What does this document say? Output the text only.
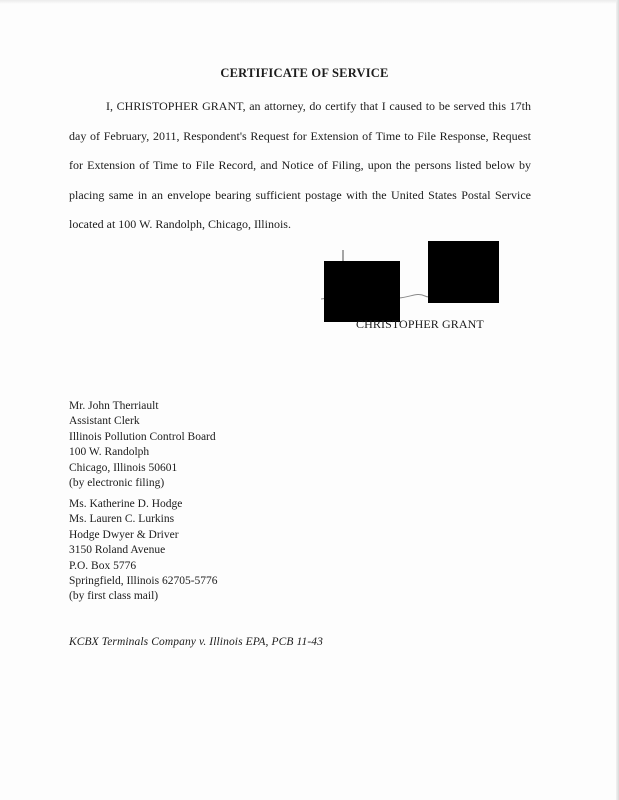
CERTIFICATE OF SERVICE

I, CHRISTOPHER GRANT, an attorney, do certify that I caused to be served this 17th day of February, 2011, Respondent's Request for Extension of Time to File Response, Request for Extension of Time to File Record, and Notice of Filing, upon the persons listed below by placing same in an envelope bearing sufficient postage with the United States Postal Service located at 100 W. Randolph, Chicago, Illinois.

CHRISTOPHER GRANT
Mr. John Therriault
Assistant Clerk
Illinois Pollution Control Board
100 W. Randolph
Chicago, Illinois 50601
(by electronic filing)
Ms. Katherine D. Hodge
Ms. Lauren C. Lurkins
Hodge Dwyer & Driver
3150 Roland Avenue
P.O. Box 5776
Springfield, Illinois 62705-5776
(by first class mail)
KCBX Terminals Company v. Illinois EPA, PCB 11-43
